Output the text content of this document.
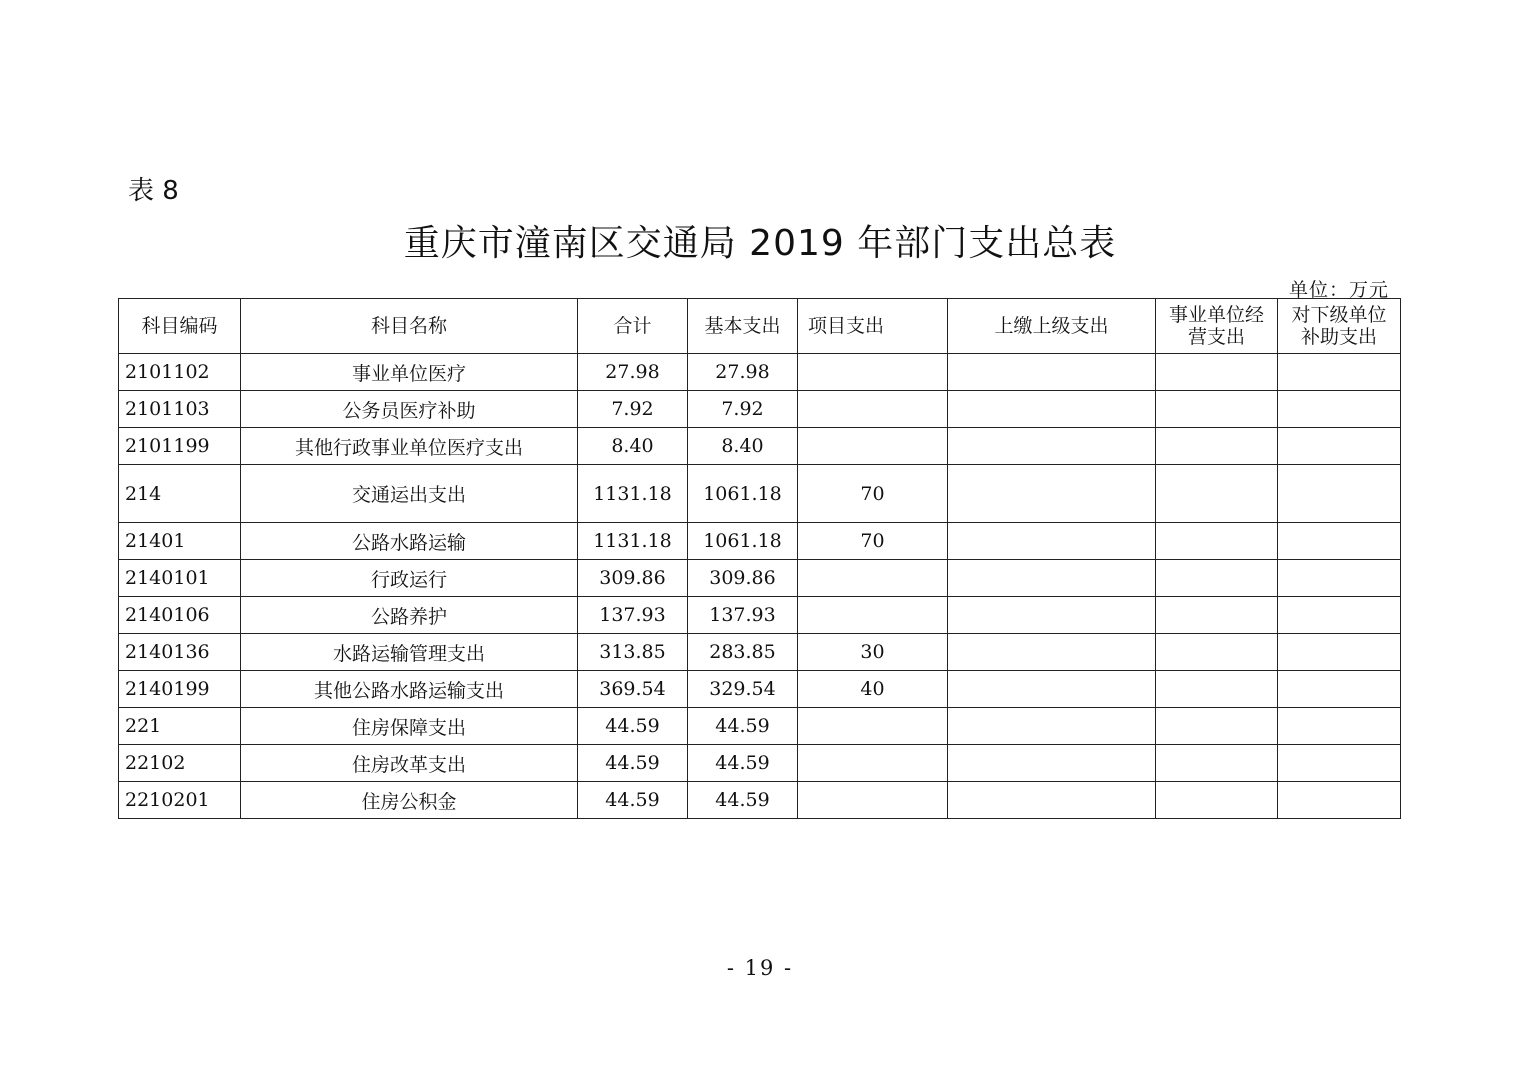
表 8
重庆市潼南区交通局 2019 年部门支出总表
单位：万元
科目编码	科目名称	合计	基本支出	项目支出	上缴上级支出	事业单位经营支出	对下级单位补助支出
2101102	事业单位医疗	27.98	27.98				
2101103	公务员医疗补助	7.92	7.92				
2101199	其他行政事业单位医疗支出	8.40	8.40				
214	交通运出支出	1131.18	1061.18	70			
21401	公路水路运输	1131.18	1061.18	70			
2140101	行政运行	309.86	309.86				
2140106	公路养护	137.93	137.93				
2140136	水路运输管理支出	313.85	283.85	30			
2140199	其他公路水路运输支出	369.54	329.54	40			
221	住房保障支出	44.59	44.59				
22102	住房改革支出	44.59	44.59				
2210201	住房公积金	44.59	44.59				
- 19 -
